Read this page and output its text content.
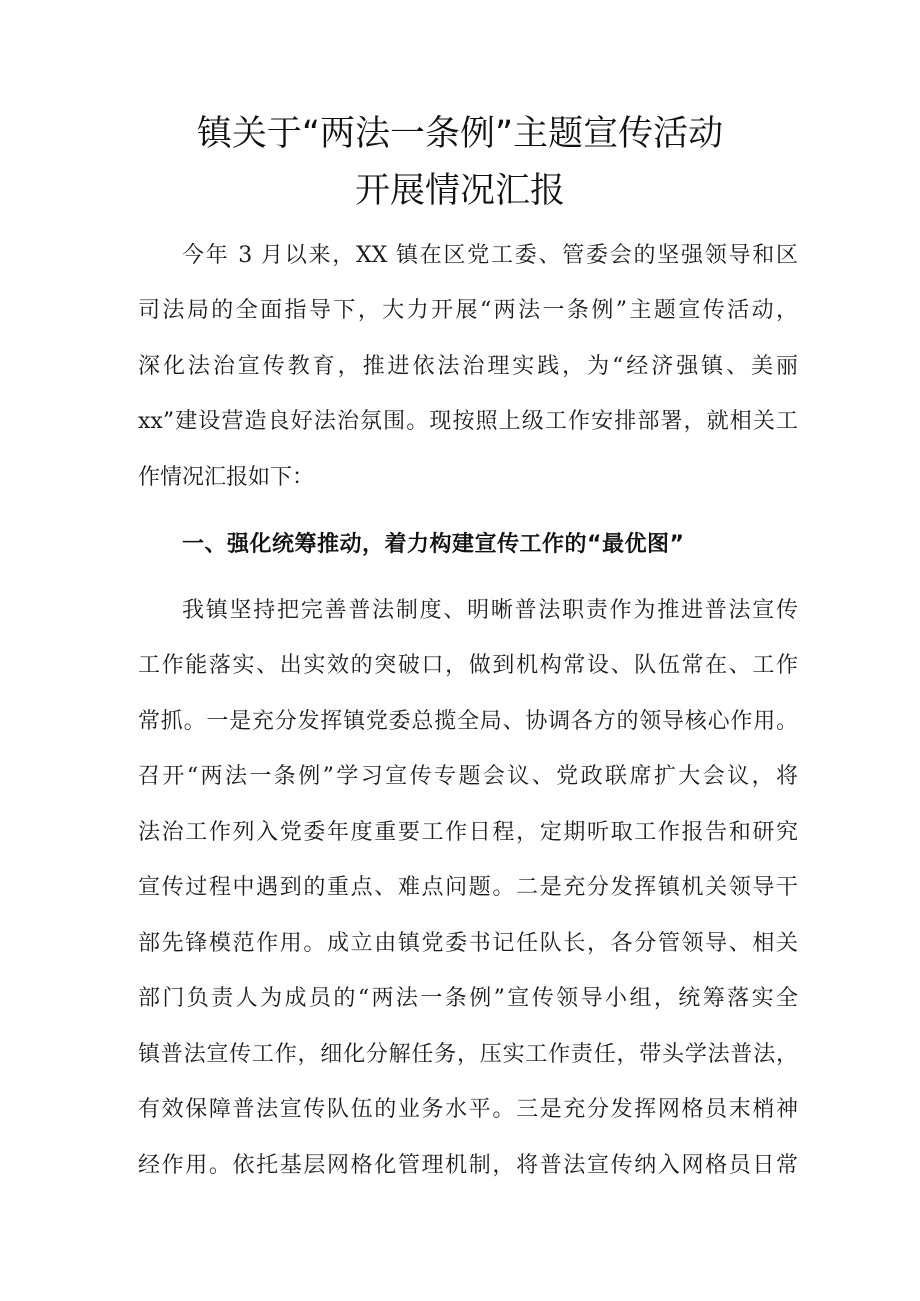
镇关于“两法一条例”主题宣传活动
开展情况汇报
今年 3 月以来，XX 镇在区党工委、管委会的坚强领导和区
司法局的全面指导下，大力开展“两法一条例”主题宣传活动，
深化法治宣传教育，推进依法治理实践，为“经济强镇、美丽
xx”建设营造良好法治氛围。现按照上级工作安排部署，就相关工
作情况汇报如下：
一、强化统筹推动，着力构建宣传工作的“最优图”
我镇坚持把完善普法制度、明晰普法职责作为推进普法宣传
工作能落实、出实效的突破口，做到机构常设、队伍常在、工作
常抓。一是充分发挥镇党委总揽全局、协调各方的领导核心作用。
召开“两法一条例”学习宣传专题会议、党政联席扩大会议，将
法治工作列入党委年度重要工作日程，定期听取工作报告和研究
宣传过程中遇到的重点、难点问题。二是充分发挥镇机关领导干
部先锋模范作用。成立由镇党委书记任队长，各分管领导、相关
部门负责人为成员的“两法一条例”宣传领导小组，统筹落实全
镇普法宣传工作，细化分解任务，压实工作责任，带头学法普法，
有效保障普法宣传队伍的业务水平。三是充分发挥网格员末梢神
经作用。依托基层网格化管理机制，将普法宣传纳入网格员日常
